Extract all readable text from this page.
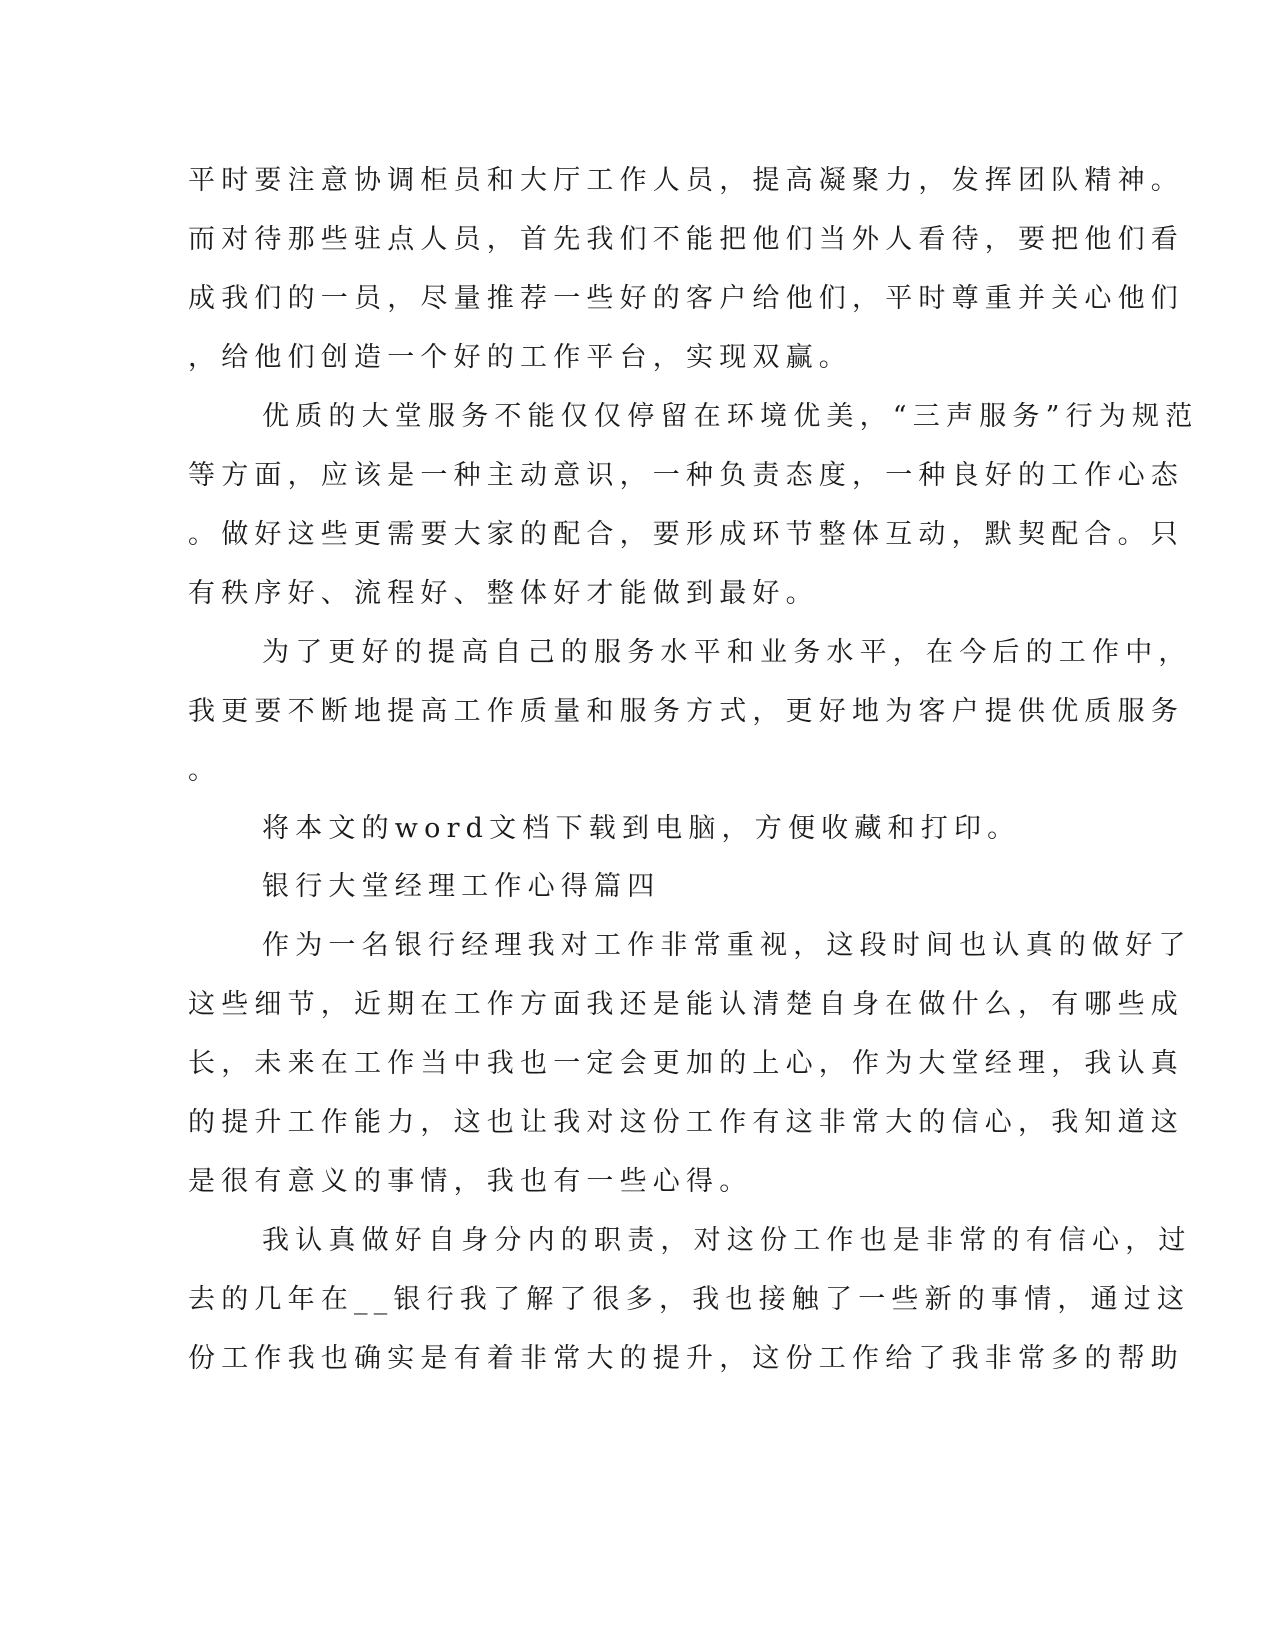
平时要注意协调柜员和大厅工作人员，提高凝聚力，发挥团队精神。
而对待那些驻点人员，首先我们不能把他们当外人看待，要把他们看
成我们的一员，尽量推荐一些好的客户给他们，平时尊重并关心他们
，给他们创造一个好的工作平台，实现双赢。
优质的大堂服务不能仅仅停留在环境优美，“三声服务”行为规范
等方面，应该是一种主动意识，一种负责态度，一种良好的工作心态
。做好这些更需要大家的配合，要形成环节整体互动，默契配合。只
有秩序好、流程好、整体好才能做到最好。
为了更好的提高自己的服务水平和业务水平，在今后的工作中，
我更要不断地提高工作质量和服务方式，更好地为客户提供优质服务
。
将本文的word文档下载到电脑，方便收藏和打印。
银行大堂经理工作心得篇四
作为一名银行经理我对工作非常重视，这段时间也认真的做好了
这些细节，近期在工作方面我还是能认清楚自身在做什么，有哪些成
长，未来在工作当中我也一定会更加的上心，作为大堂经理，我认真
的提升工作能力，这也让我对这份工作有这非常大的信心，我知道这
是很有意义的事情，我也有一些心得。
我认真做好自身分内的职责，对这份工作也是非常的有信心，过
去的几年在__银行我了解了很多，我也接触了一些新的事情，通过这
份工作我也确实是有着非常大的提升，这份工作给了我非常多的帮助
